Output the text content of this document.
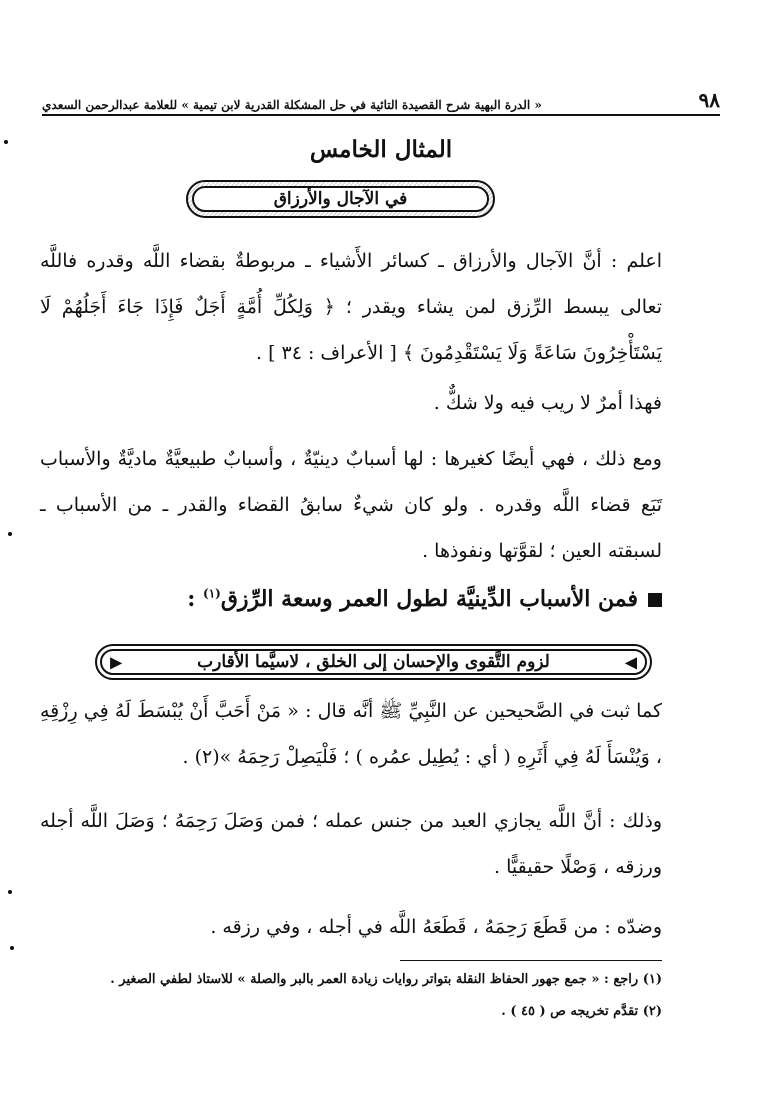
٩٨
« الدرة البهية شرح القصيدة التائية في حل المشكلة القدرية لابن تيمية » للعلامة عبدالرحمن السعدي
المثال الخامس
في الآجال والأرزاق
اعلم : أنَّ الآجال والأرزاق ـ كسائر الأَشياء ـ مربوطةٌ بقضاء اللَّه وقدره فاللَّه تعالى يبسط الرِّزق لمن يشاء ويقدر ؛ ﴿ وَلِكُلِّ أُمَّةٍ أَجَلٌ فَإِذَا جَاءَ أَجَلُهُمْ لَا يَسْتَأْخِرُونَ سَاعَةً وَلَا يَسْتَقْدِمُونَ ﴾ [ الأعراف : ٣٤ ] .
فهذا أمرٌ لا ريب فيه ولا شكٌّ .
ومع ذلك ، فهي أيضًا كغيرها : لها أسبابٌ دينيّةٌ ، وأسبابٌ طبيعيَّةٌ ماديَّةٌ والأسباب تَبَع قضاء اللَّه وقدره . ولو كان شيءٌ سابقُ القضاء والقدر ـ من الأسباب ـ لسبقته العين ؛ لقوَّتها ونفوذها .
فمن الأسباب الدِّينيَّة لطول العمر وسعة الرِّزق$^{(١)}$ :
◀
لزوم التَّقوى والإحسان إلى الخلق ، لاسيَّما الأقارب
▶
كما ثبت في الصَّحيحين عن النَّبِيِّ ﷺ أنَّه قال : « مَنْ أَحَبَّ أَنْ يُبْسَطَ لَهُ فِي رِزْقِهِ ، وَيُنْسَأَ لَهُ فِي أَثَرِهِ ( أي : يُطِيل عمُره ) ؛ فَلْيَصِلْ رَحِمَهُ »(٢) .
وذلك : أنَّ اللَّه يجازي العبد من جنس عمله ؛ فمن وَصَلَ رَحِمَهُ ؛ وَصَلَ اللَّه أجله ورزقه ، وَصْلًا حقيقيًّا .
وضدّه : من قَطَعَ رَحِمَهُ ، قَطَعَهُ اللَّه في أجله ، وفي رزقه .
(١) راجع : « جمع جهور الحفاظ النقلة بتواتر روايات زيادة العمر بالبر والصلة » للاستاذ لطفي الصغير .
(٢) تقدَّم تخريجه ص ( ٤٥ ) .
